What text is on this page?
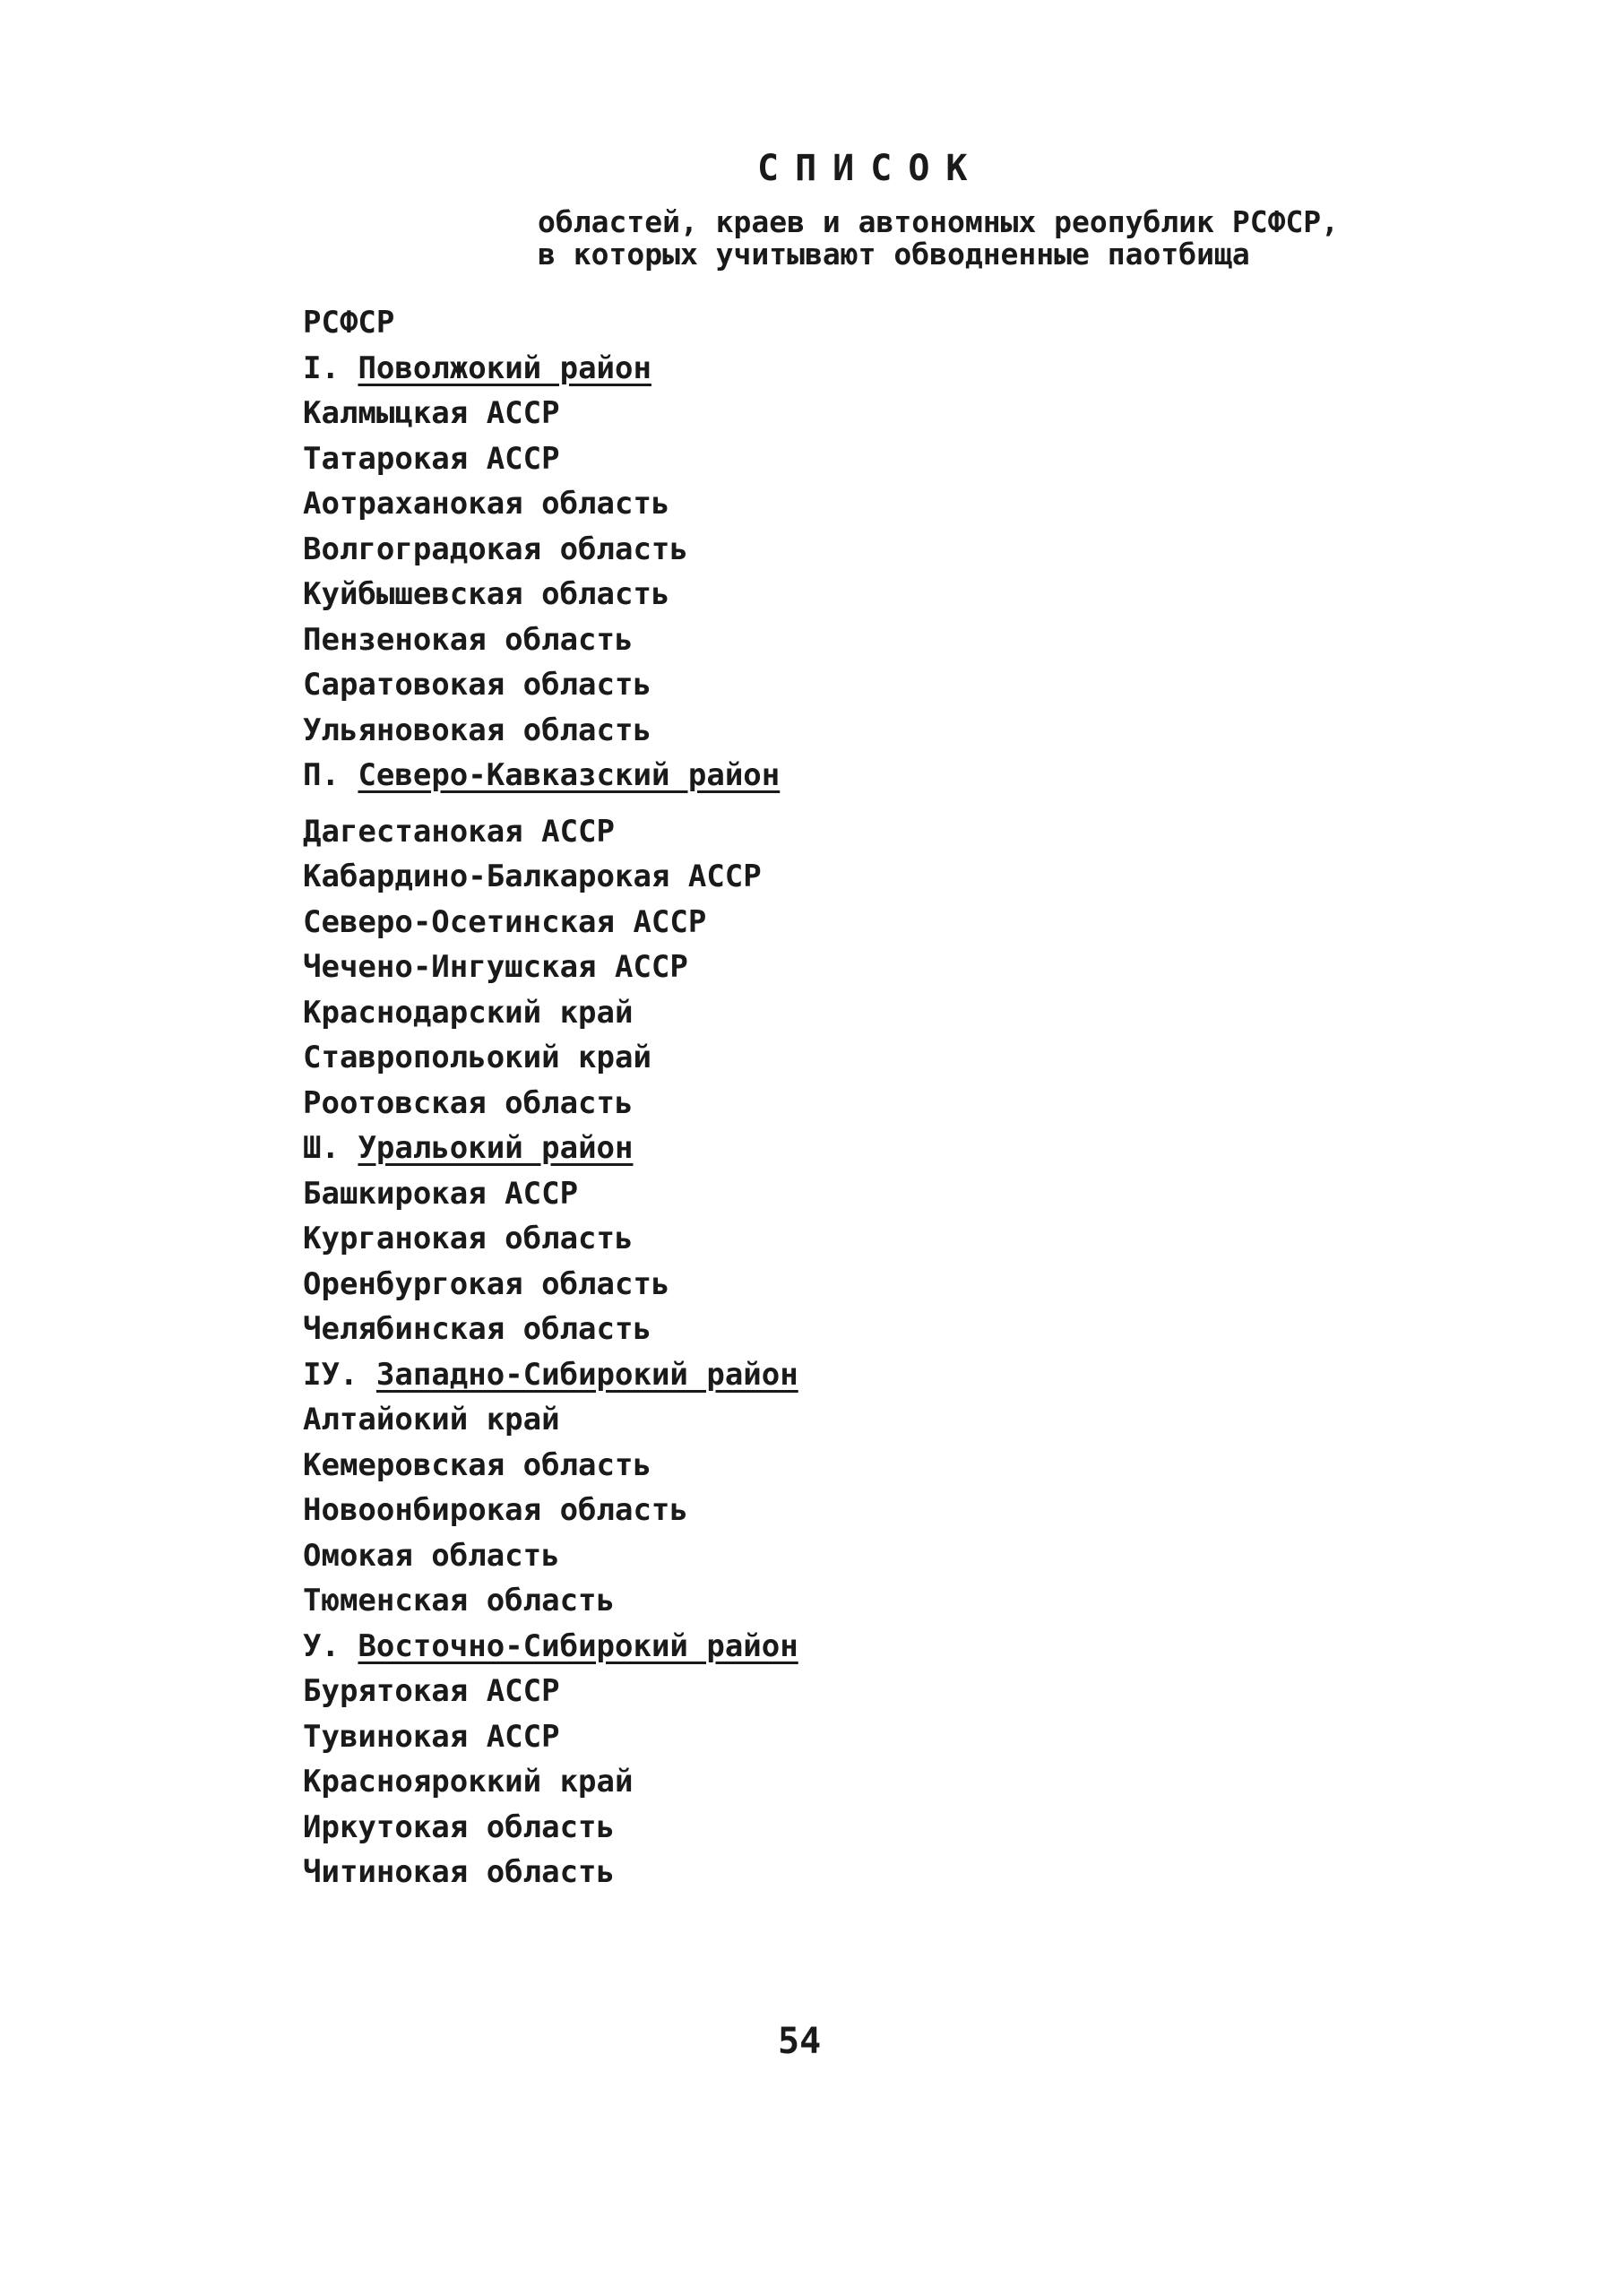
СПИСОК
областей, краев и автономных реопублик РСФСР,
в которых учитывают обводненные паотбища
РСФСР
I. Поволжокий район
Калмыцкая АССР
Татарокая АССР
Аотраханокая область
Волгоградокая область
Куйбышевская область
Пензенокая область
Саратовокая область
Ульяновокая область
П. Северо-Кавказский район
Дагестанокая АССР
Кабардино-Балкарокая АССР
Северо-Осетинская АССР
Чечено-Ингушская АССР
Краснодарский край
Ставропольокий край
Роотовская область
Ш. Уральокий район
Башкирокая АССР
Курганокая область
Оренбургокая область
Челябинская область
IУ. Западно-Сибирокий район
Алтайокий край
Кемеровская область
Новоонбирокая область
Омокая область
Тюменская область
У. Восточно-Сибирокий район
Бурятокая АССР
Тувинокая АССР
Краснояроккий край
Иркутокая область
Читинокая область
54
